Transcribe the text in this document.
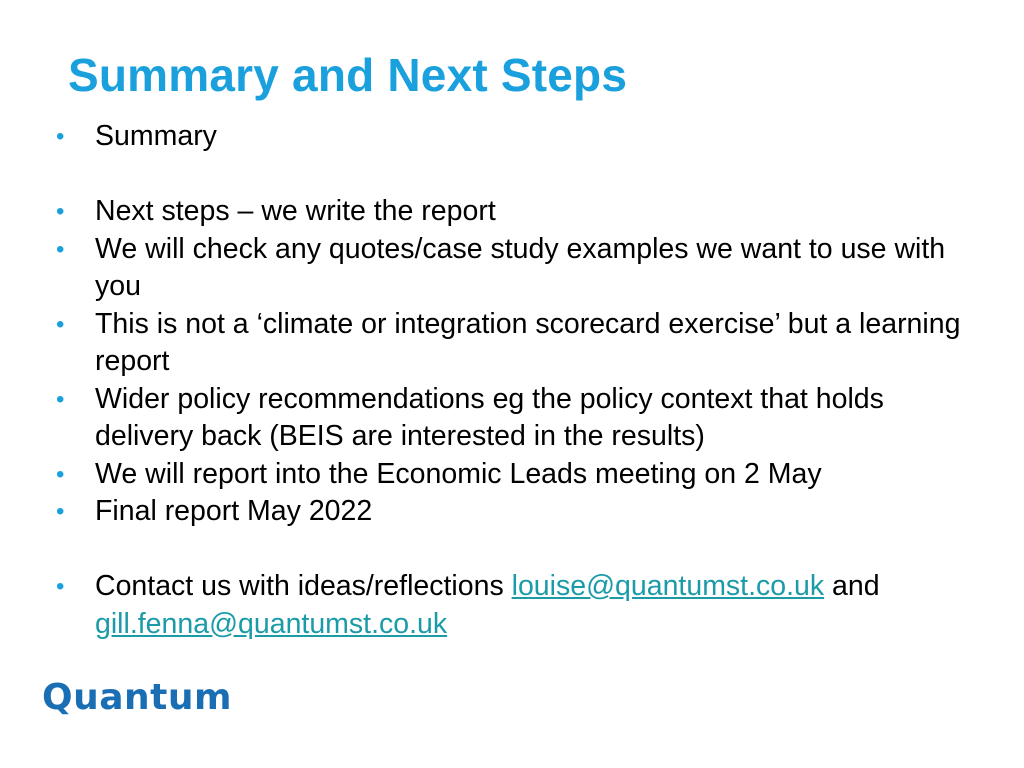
Summary and Next Steps
• Summary
• Next steps – we write the report
• We will check any quotes/case study examples we want to use with you
• This is not a ‘climate or integration scorecard exercise’ but a learning report
• Wider policy recommendations eg the policy context that holds delivery back (BEIS are interested in the results)
• We will report into the Economic Leads meeting on 2 May
• Final report May 2022
• Contact us with ideas/reflections louise@quantumst.co.uk and gill.fenna@quantumst.co.uk
Quantum
